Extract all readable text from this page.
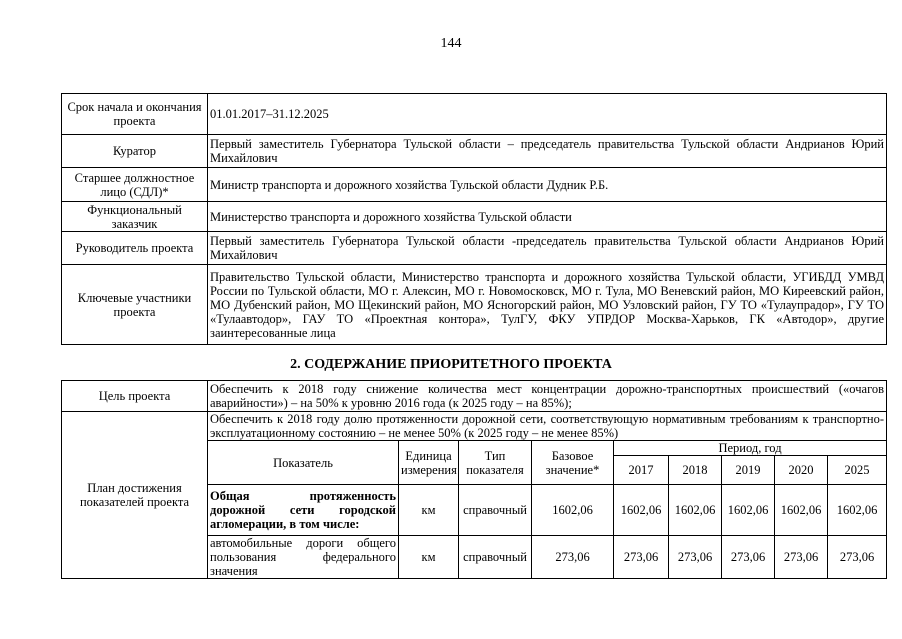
144
Срок начала и окончания проекта	01.01.2017–31.12.2025
Куратор	Первый заместитель Губернатора Тульской области – председатель правительства Тульской области Андрианов Юрий Михайлович
Старшее должностное лицо (СДЛ)*	Министр транспорта и дорожного хозяйства Тульской области Дудник Р.Б.
Функциональный заказчик	Министерство транспорта и дорожного хозяйства Тульской области
Руководитель проекта	Первый заместитель Губернатора Тульской области -председатель правительства Тульской области Андрианов Юрий Михайлович
Ключевые участники проекта	Правительство Тульской области, Министерство транспорта и дорожного хозяйства Тульской области, УГИБДД УМВД России по Тульской области, МО г. Алексин, МО г. Новомосковск, МО г. Тула, МО Веневский район, МО Киреевский район, МО Дубенский район, МО Щекинский район, МО Ясногорский район, МО Узловский район, ГУ ТО «Тулаупрадор», ГУ ТО «Тулаавтодор», ГАУ ТО «Проектная контора», ТулГУ, ФКУ УПРДОР Москва-Харьков, ГК «Автодор», другие заинтересованные лица
2. СОДЕРЖАНИЕ ПРИОРИТЕТНОГО ПРОЕКТА
Цель проекта	Обеспечить к 2018 году снижение количества мест концентрации дорожно-транспортных происшествий («очагов аварийности») – на 50% к уровню 2016 года (к 2025 году – на 85%);								
План достижения показателей проекта	Обеспечить к 2018 году долю протяженности дорожной сети, соответствующую нормативным требованиям к транспортно-эксплуатационному состоянию – не менее 50% (к 2025 году – не менее 85%)								
	Показатель	Единица измерения	Тип показателя	Базовое значение*	Период, год				
					2017	2018	2019	2020	2025
	Общая протяженность дорожной сети городской агломерации, в том числе:	км	справочный	1602,06	1602,06	1602,06	1602,06	1602,06	1602,06
	автомобильные дороги общего пользования федерального значения	км	справочный	273,06	273,06	273,06	273,06	273,06	273,06
